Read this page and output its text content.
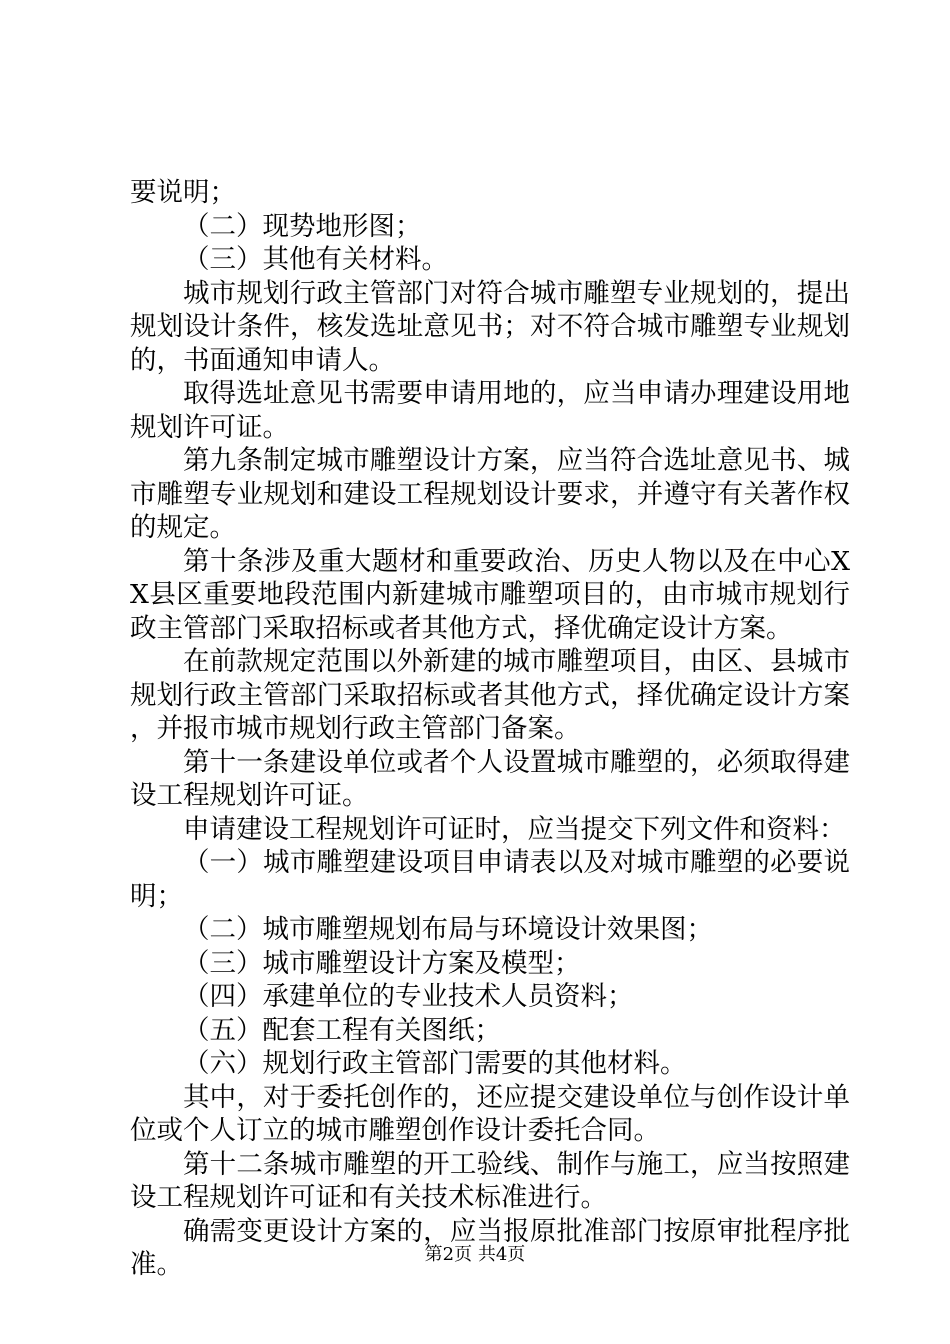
要说明；

（二）现势地形图；

（三）其他有关材料。

城市规划行政主管部门对符合城市雕塑专业规划的，提出规划设计条件，核发选址意见书；对不符合城市雕塑专业规划的，书面通知申请人。

取得选址意见书需要申请用地的，应当申请办理建设用地规划许可证。

第九条制定城市雕塑设计方案，应当符合选址意见书、城市雕塑专业规划和建设工程规划设计要求，并遵守有关著作权的规定。

第十条涉及重大题材和重要政治、历史人物以及在中心XX县区重要地段范围内新建城市雕塑项目的，由市城市规划行政主管部门采取招标或者其他方式，择优确定设计方案。

在前款规定范围以外新建的城市雕塑项目，由区、县城市规划行政主管部门采取招标或者其他方式，择优确定设计方案，并报市城市规划行政主管部门备案。

第十一条建设单位或者个人设置城市雕塑的，必须取得建设工程规划许可证。

申请建设工程规划许可证时，应当提交下列文件和资料：

（一）城市雕塑建设项目申请表以及对城市雕塑的必要说明；

（二）城市雕塑规划布局与环境设计效果图；

（三）城市雕塑设计方案及模型；

（四）承建单位的专业技术人员资料；

（五）配套工程有关图纸；

（六）规划行政主管部门需要的其他材料。

其中，对于委托创作的，还应提交建设单位与创作设计单位或个人订立的城市雕塑创作设计委托合同。

第十二条城市雕塑的开工验线、制作与施工，应当按照建设工程规划许可证和有关技术标准进行。

确需变更设计方案的，应当报原批准部门按原审批程序批准。	第2页 共4页
